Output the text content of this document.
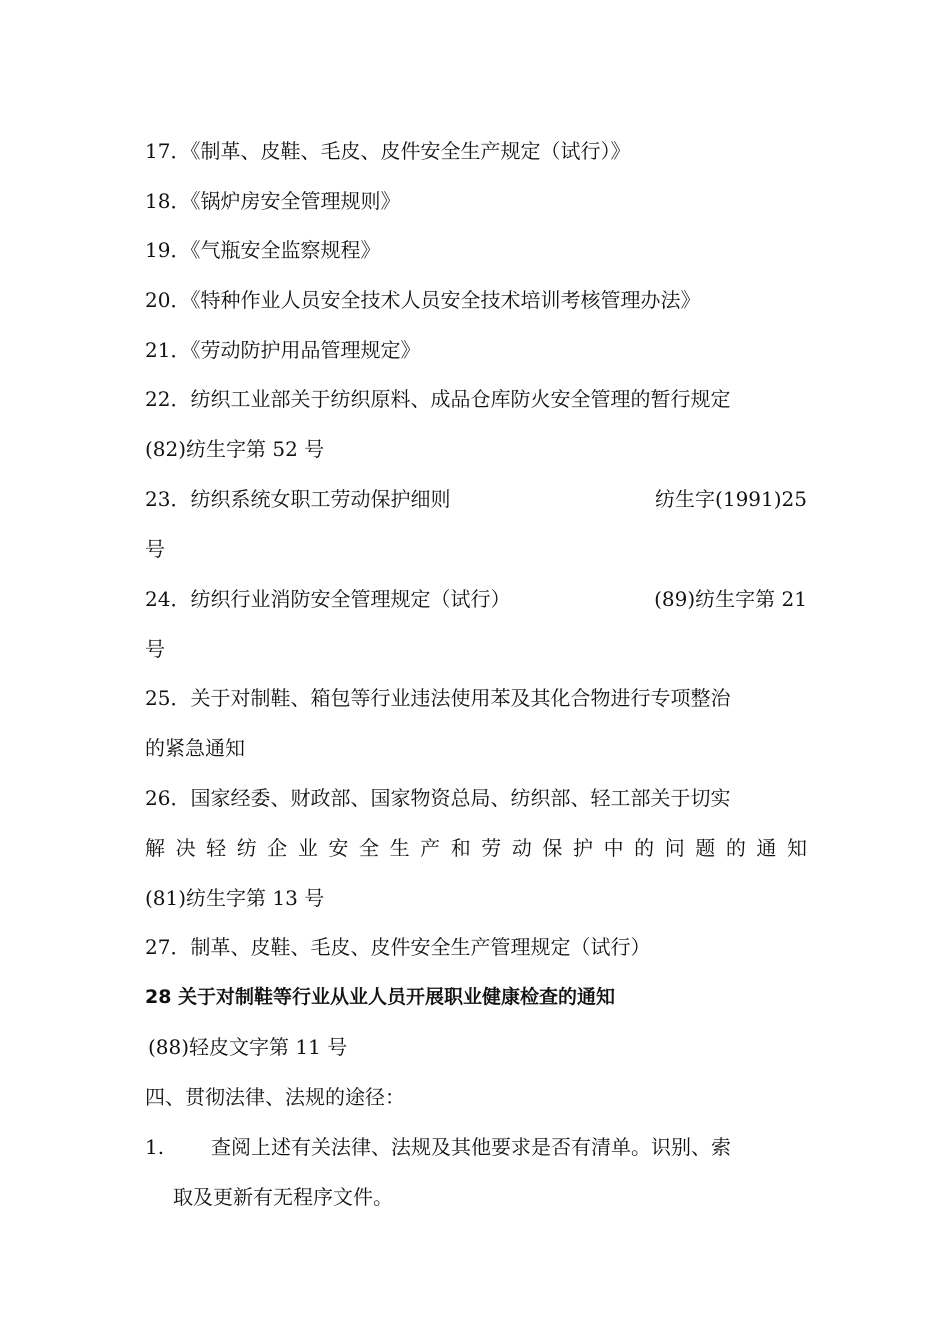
17．《制革、皮鞋、毛皮、皮件安全生产规定（试行）》
18．《锅炉房安全管理规则》
19．《气瓶安全监察规程》
20．《特种作业人员安全技术人员安全技术培训考核管理办法》
21．《劳动防护用品管理规定》
22．纺织工业部关于纺织原料、成品仓库防火安全管理的暂行规定
(82)纺生字第 52 号
23．纺织系统女职工劳动保护细则	纺生字(1991)25
号
24．纺织行业消防安全管理规定（试行）	(89)纺生字第 21
号
25．关于对制鞋、箱包等行业违法使用苯及其化合物进行专项整治
的紧急通知
26．国家经委、财政部、国家物资总局、纺织部、轻工部关于切实
解决轻纺企业安全生产和劳动保护中的问题的通知
(81)纺生字第 13 号
27．制革、皮鞋、毛皮、皮件安全生产管理规定（试行）
28 关于对制鞋等行业从业人员开展职业健康检查的通知
(88)轻皮文字第 11 号
四、贯彻法律、法规的途径：
1. 查阅上述有关法律、法规及其他要求是否有清单。识别、索
取及更新有无程序文件。
